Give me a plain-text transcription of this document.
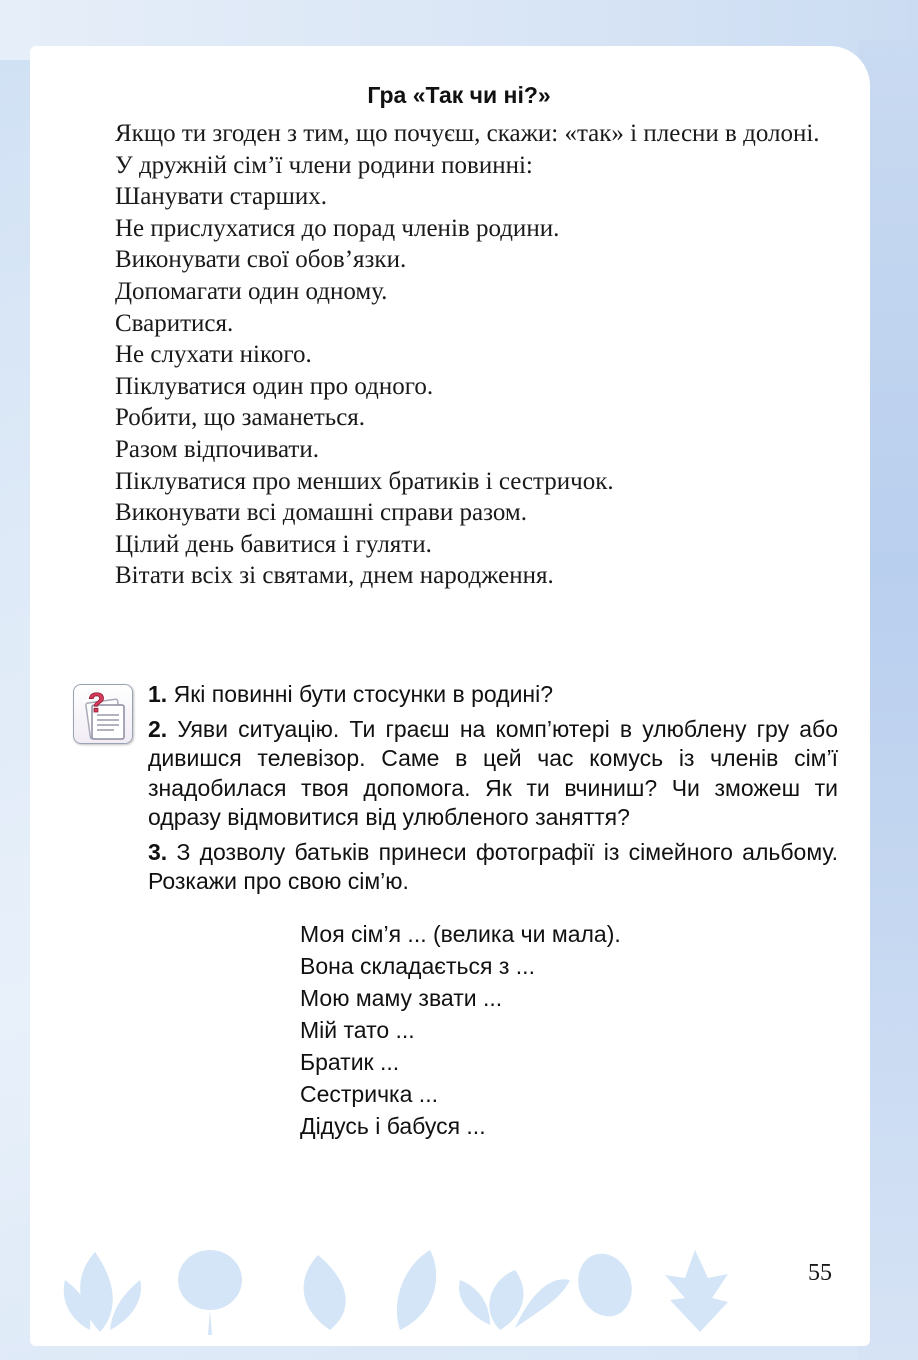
Гра «Так чи ні?»

Якщо ти згоден з тим, що почуєш, скажи: «так» і плесни в долоні.

У дружній сім’ї члени родини повинні:

Шанувати старших.

Не прислухатися до порад членів родини.

Виконувати свої обов’язки.

Допомагати один одному.

Сваритися.

Не слухати нікого.

Піклуватися один про одного.

Робити, що заманеться.

Разом відпочивати.

Піклуватися про менших братиків і сестричок.

Виконувати всі домашні справи разом.

Цілий день бавитися і гуляти.

Вітати всіх зі святами, днем народження.

? 1. Які повинні бути стосунки в родині?

2. Уяви ситуацію. Ти граєш на комп’ютері в улюблену гру або дивишся телевізор. Саме в цей час комусь із членів сім’ї знадобилася твоя допомога. Як ти вчиниш? Чи зможеш ти одразу відмовитися від улюбленого заняття?

3. З дозволу батьків принеси фотографії із сімейного альбому. Розкажи про свою сім’ю.

Моя сім’я ... (велика чи мала).

Вона складається з ...

Мою маму звати ...

Мій тато ...

Братик ...

Сестричка ...

Дідусь і бабуся ...

55
